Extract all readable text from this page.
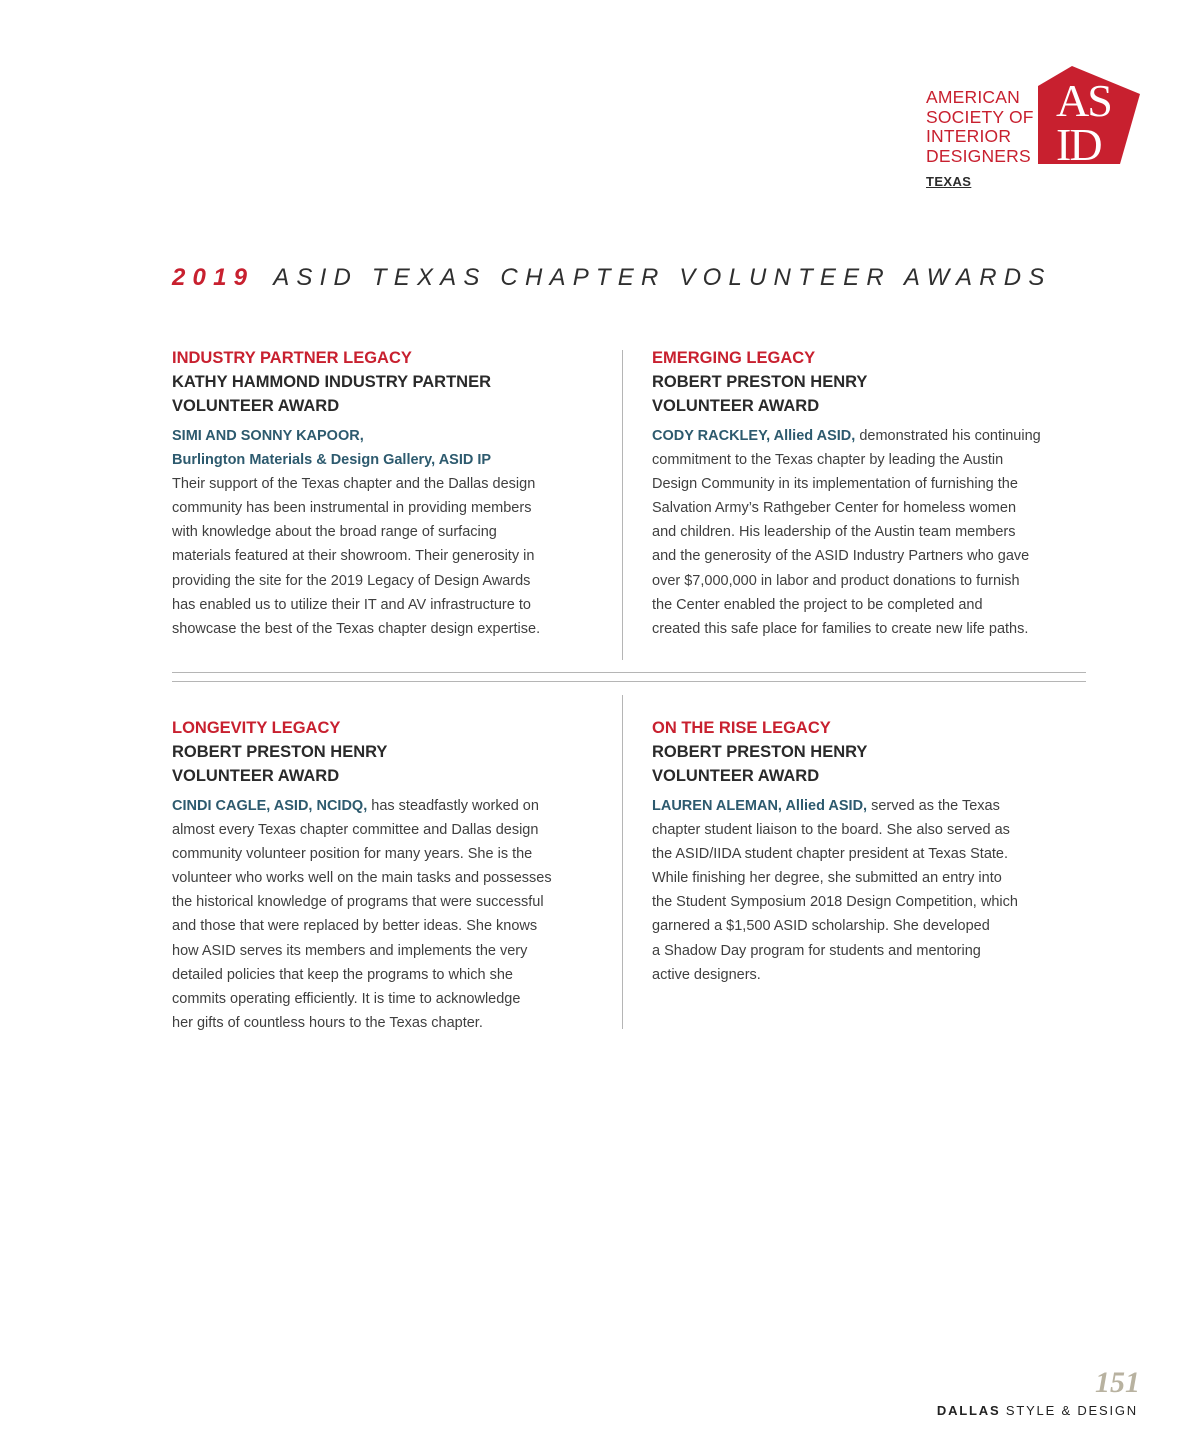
AMERICAN
SOCIETY OF
INTERIOR
DESIGNERS
AS
ID
TEXAS
2019 ASID TEXAS CHAPTER VOLUNTEER AWARDS
INDUSTRY PARTNER LEGACY
KATHY HAMMOND INDUSTRY PARTNER
VOLUNTEER AWARD
SIMI AND SONNY KAPOOR,
Burlington Materials & Design Gallery, ASID IP
Their support of the Texas chapter and the Dallas design
community has been instrumental in providing members
with knowledge about the broad range of surfacing
materials featured at their showroom. Their generosity in
providing the site for the 2019 Legacy of Design Awards
has enabled us to utilize their IT and AV infrastructure to
showcase the best of the Texas chapter design expertise.
EMERGING LEGACY
ROBERT PRESTON HENRY
VOLUNTEER AWARD
CODY RACKLEY, Allied ASID, demonstrated his continuing
commitment to the Texas chapter by leading the Austin
Design Community in its implementation of furnishing the
Salvation Army’s Rathgeber Center for homeless women
and children. His leadership of the Austin team members
and the generosity of the ASID Industry Partners who gave
over $7,000,000 in labor and product donations to furnish
the Center enabled the project to be completed and
created this safe place for families to create new life paths.
LONGEVITY LEGACY
ROBERT PRESTON HENRY
VOLUNTEER AWARD
CINDI CAGLE, ASID, NCIDQ, has steadfastly worked on
almost every Texas chapter committee and Dallas design
community volunteer position for many years. She is the
volunteer who works well on the main tasks and possesses
the historical knowledge of programs that were successful
and those that were replaced by better ideas. She knows
how ASID serves its members and implements the very
detailed policies that keep the programs to which she
commits operating efficiently. It is time to acknowledge
her gifts of countless hours to the Texas chapter.
ON THE RISE LEGACY
ROBERT PRESTON HENRY
VOLUNTEER AWARD
LAUREN ALEMAN, Allied ASID, served as the Texas
chapter student liaison to the board. She also served as
the ASID/IIDA student chapter president at Texas State.
While finishing her degree, she submitted an entry into
the Student Symposium 2018 Design Competition, which
garnered a $1,500 ASID scholarship. She developed
a Shadow Day program for students and mentoring
active designers.
151
DALLAS STYLE & DESIGN
